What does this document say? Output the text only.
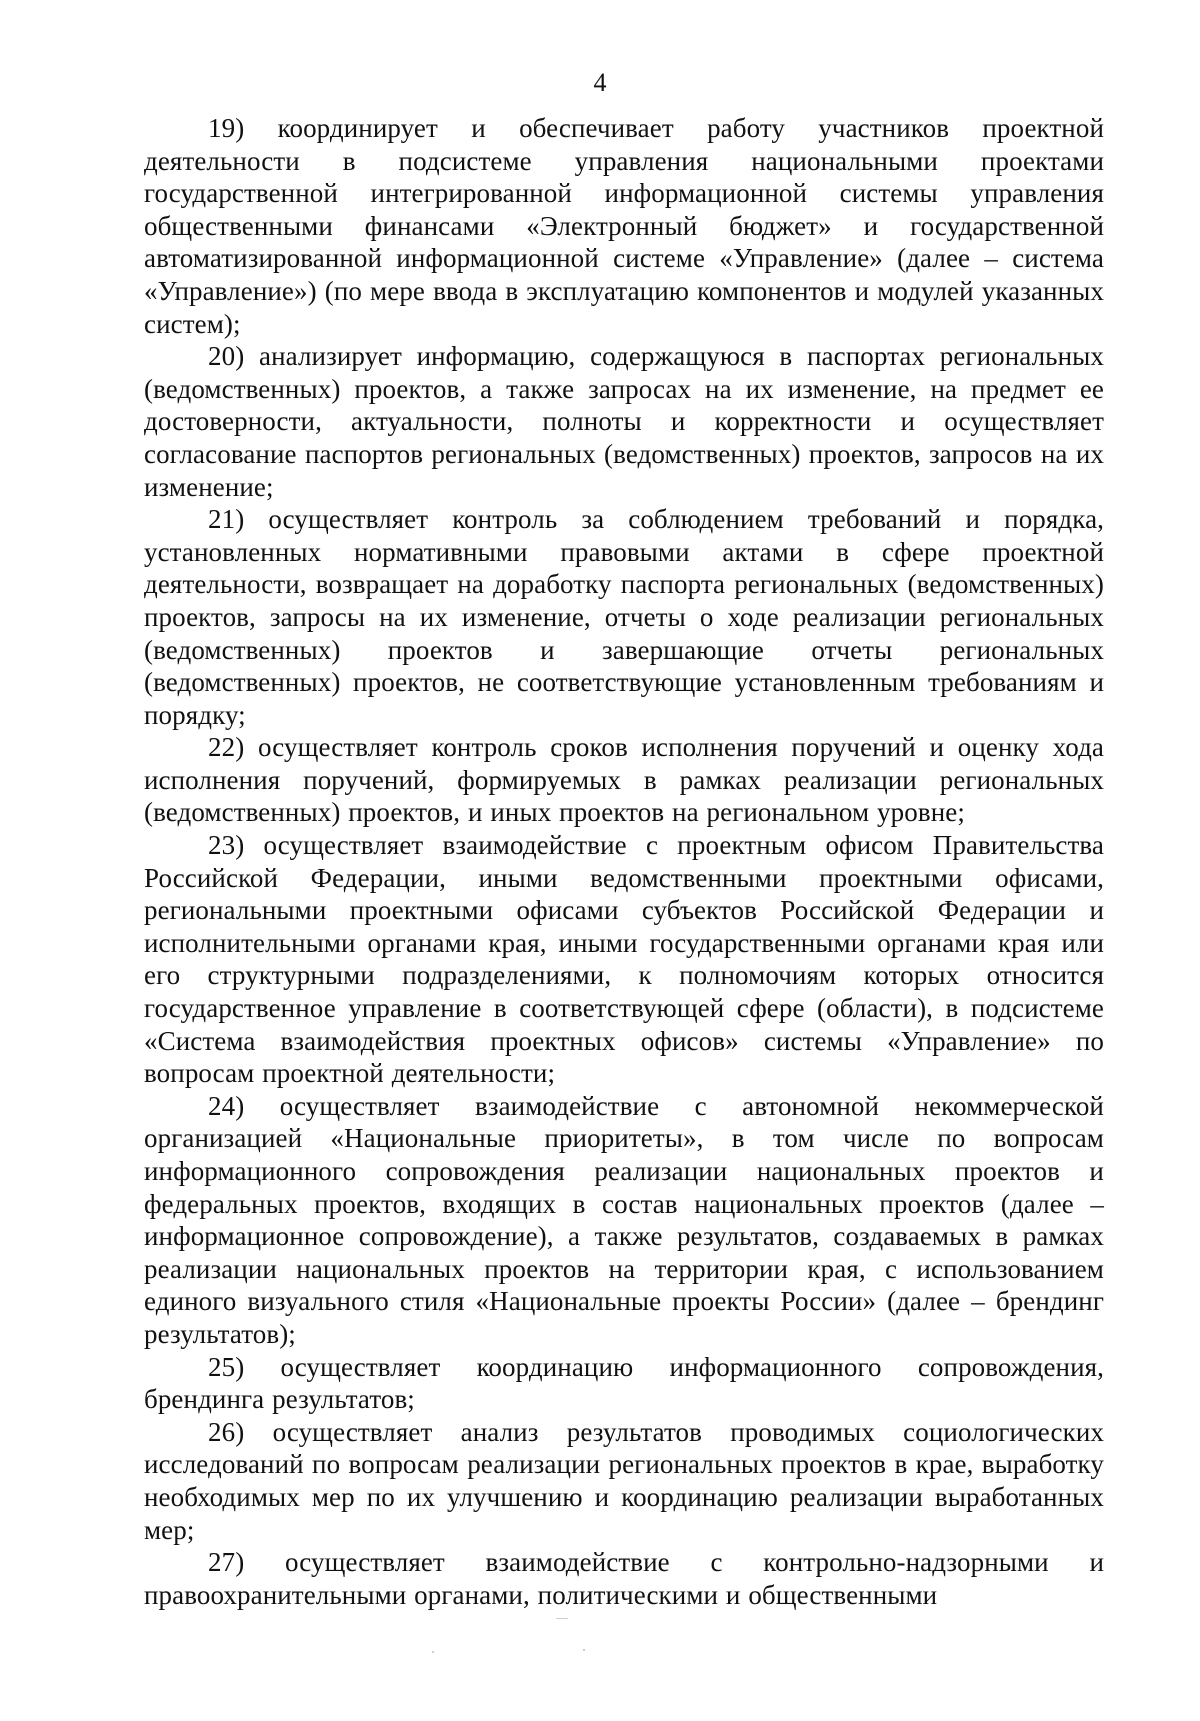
4

19) координирует и обеспечивает работу участников проектной деятельности в подсистеме управления национальными проектами государственной интегрированной информационной системы управления общественными финансами «Электронный бюджет» и государственной автоматизированной информационной системе «Управление» (далее – система «Управление») (по мере ввода в эксплуатацию компонентов и модулей указанных систем);

20) анализирует информацию, содержащуюся в паспортах региональных (ведомственных) проектов, а также запросах на их изменение, на предмет ее достоверности, актуальности, полноты и корректности и осуществляет согласование паспортов региональных (ведомственных) проектов, запросов на их изменение;

21) осуществляет контроль за соблюдением требований и порядка, установленных нормативными правовыми актами в сфере проектной деятельности, возвращает на доработку паспорта региональных (ведомственных) проектов, запросы на их изменение, отчеты о ходе реализации региональных (ведомственных) проектов и завершающие отчеты региональных (ведомственных) проектов, не соответствующие установленным требованиям и порядку;

22) осуществляет контроль сроков исполнения поручений и оценку хода исполнения поручений, формируемых в рамках реализации региональных (ведомственных) проектов, и иных проектов на региональном уровне;

23) осуществляет взаимодействие с проектным офисом Правительства Российской Федерации, иными ведомственными проектными офисами, региональными проектными офисами субъектов Российской Федерации и исполнительными органами края, иными государственными органами края или его структурными подразделениями, к полномочиям которых относится государственное управление в соответствующей сфере (области), в подсистеме «Система взаимодействия проектных офисов» системы «Управление» по вопросам проектной деятельности;

24) осуществляет взаимодействие с автономной некоммерческой организацией «Национальные приоритеты», в том числе по вопросам информационного сопровождения реализации национальных проектов и федеральных проектов, входящих в состав национальных проектов (далее – информационное сопровождение), а также результатов, создаваемых в рамках реализации национальных проектов на территории края, с использованием единого визуального стиля «Национальные проекты России» (далее – брендинг результатов);

25) осуществляет координацию информационного сопровождения, брендинга результатов;

26) осуществляет анализ результатов проводимых социологических исследований по вопросам реализации региональных проектов в крае, выработку необходимых мер по их улучшению и координацию реализации выработанных мер;

27) осуществляет взаимодействие с контрольно-надзорными и правоохранительными органами, политическими и общественными
